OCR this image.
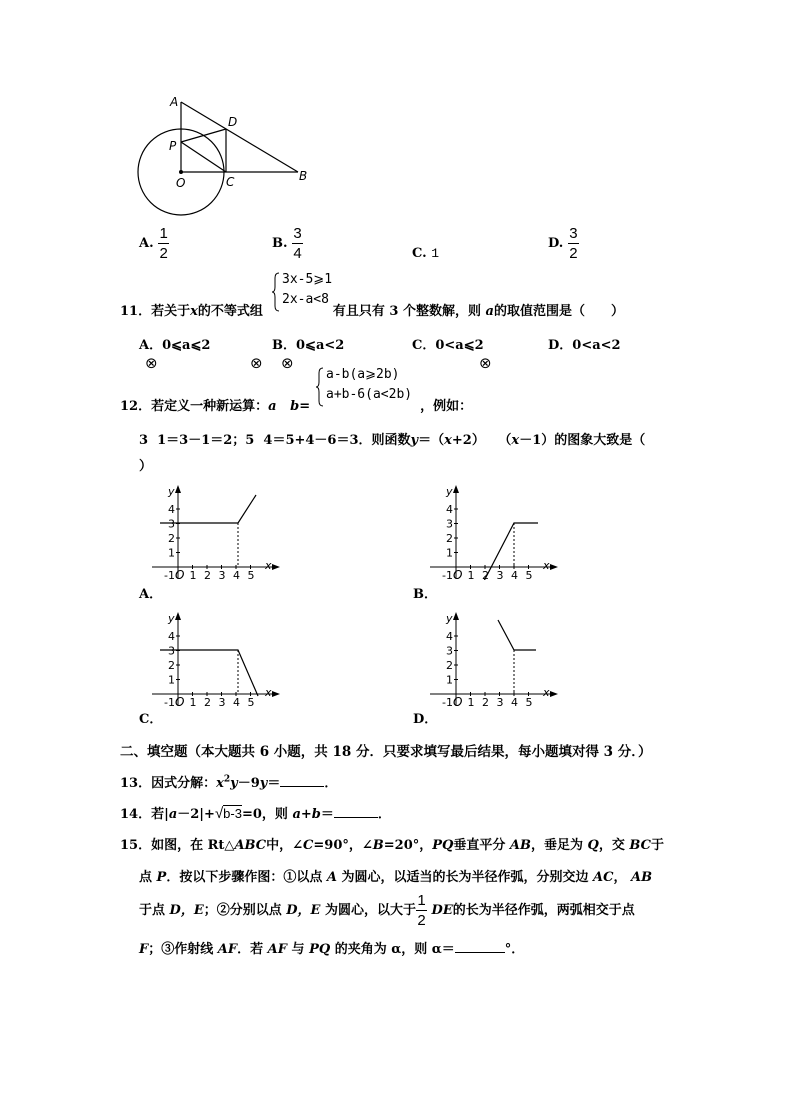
A
D
P
O	C	B
A. $\frac{1}{2}$	B. $\frac{3}{4}$	C. 1
D. $\frac{3}{2}$
3x-5⩾1
2x-a<8
11．若关于x的不等式组	有且只有 3 个整数解，则 a的取值范围是（　　）
A．0⩽a⩽2	B．0⩽a<2	C．0<a⩽2	D．0<a<2
⊗	⊗ ⊗	⊗
a-b(a⩾2b)
a+b-6(a<2b)
12．若定义一种新运算：a b=	，例如：
3 1＝3－1＝2；5 4＝5+4－6＝3．则函数y＝（x+2） （x－1）的图象大致是（
）
1 2 3 4 5
1
2
3
4
x
y
O
-1
A．
1 2 3 4 5
1
2
3
4
x
y
O
-1
B．
1 2 3 4 5
1
2
3
4
x
y
O
-1
C．
1 2 3 4 5
1
2
3
4
x
y
O
-1
D．
二、填空题（本大题共 6 小题，共 18 分．只要求填写最后结果，每小题填对得 3 分．）
13．因式分解：$x^2y-9y=$	．
14．若|a－2|+√b-3=0，则 a+b＝	．
15．如图，在 Rt△ABC中，∠C=90°，∠B=20°，PQ垂直平分 AB，垂足为 Q，交 BC于
点 P．按以下步骤作图：①以点 A 为圆心，以适当的长为半径作弧，分别交边 AC， AB
于点 D，E；②分别以点 D，E 为圆心，以大于 $\frac{1}{2}$ DE的长为半径作弧，两弧相交于点
F；③作射线 AF．若 AF 与 PQ 的夹角为 α，则 α＝	°．
